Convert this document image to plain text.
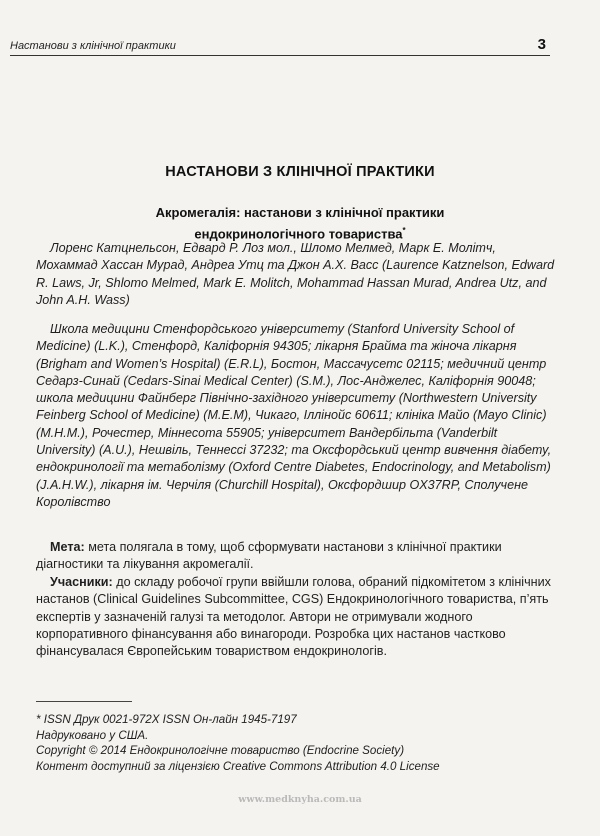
Настанови з клінічної практики	3
НАСТАНОВИ З КЛІНІЧНОЇ ПРАКТИКИ
Акромегалія: настанови з клінічної практики
ендокринологічного товариства*
Лоренс Катцнельсон, Едвард Р. Лоз мол., Шломо Мелмед, Марк Е. Молітч, Мохаммад Хассан Мурад, Андреа Утц та Джон А.Х. Васс (Laurence Katznelson, Edward R. Laws, Jr, Shlomo Melmed, Mark E. Molitch, Mohammad Hassan Murad, Andrea Utz, and John A.H. Wass)
Школа медицини Стенфордського університету (Stanford University School of Medicine) (L.K.), Стенфорд, Каліфорнія 94305; лікарня Брайма та жіноча лікарня (Brigham and Women’s Hospital) (E.R.L), Бостон, Массачусетс 02115; медичний центр Седарз-Синай (Cedars-Sinai Medical Center) (S.M.), Лос-Анджелес, Каліфорнія 90048; школа медицини Файнберг Північно-західного університету (Northwestern University Feinberg School of Medicine) (M.E.M), Чикаго, Іллінойс 60611; клініка Майо (Mayo Clinic) (M.H.M.), Рочестер, Міннесота 55905; університет Вандербільта (Vanderbilt University) (A.U.), Нешвіль, Теннессі 37232; та Оксфордський центр вивчення діабету, ендокринології та метаболізму (Oxford Centre Diabetes, Endocrinology, and Metabolism) (J.A.H.W.), лікарня ім. Черчіля (Churchill Hospital), Оксфордшир OX37RP, Сполучене Королівство
Мета: мета полягала в тому, щоб сформувати настанови з клінічної практики діагностики та лікування акромегалії.
Учасники: до складу робочої групи ввійшли голова, обраний підкомітетом з клінічних настанов (Clinical Guidelines Subcommittee, CGS) Ендокринологічного товариства, п’ять експертів у зазначеній галузі та методолог. Автори не отримували жодного корпоративного фінансування або винагороди. Розробка цих настанов частково фінансувалася Європейським товариством ендокринологів.
* ISSN Друк 0021-972X ISSN Он-лайн 1945-7197
Надруковано у США.
Copyright © 2014 Ендокринологічне товариство (Endocrine Society)
Контент доступний за ліцензією Creative Commons Attribution 4.0 License
www.medknyha.com.ua
